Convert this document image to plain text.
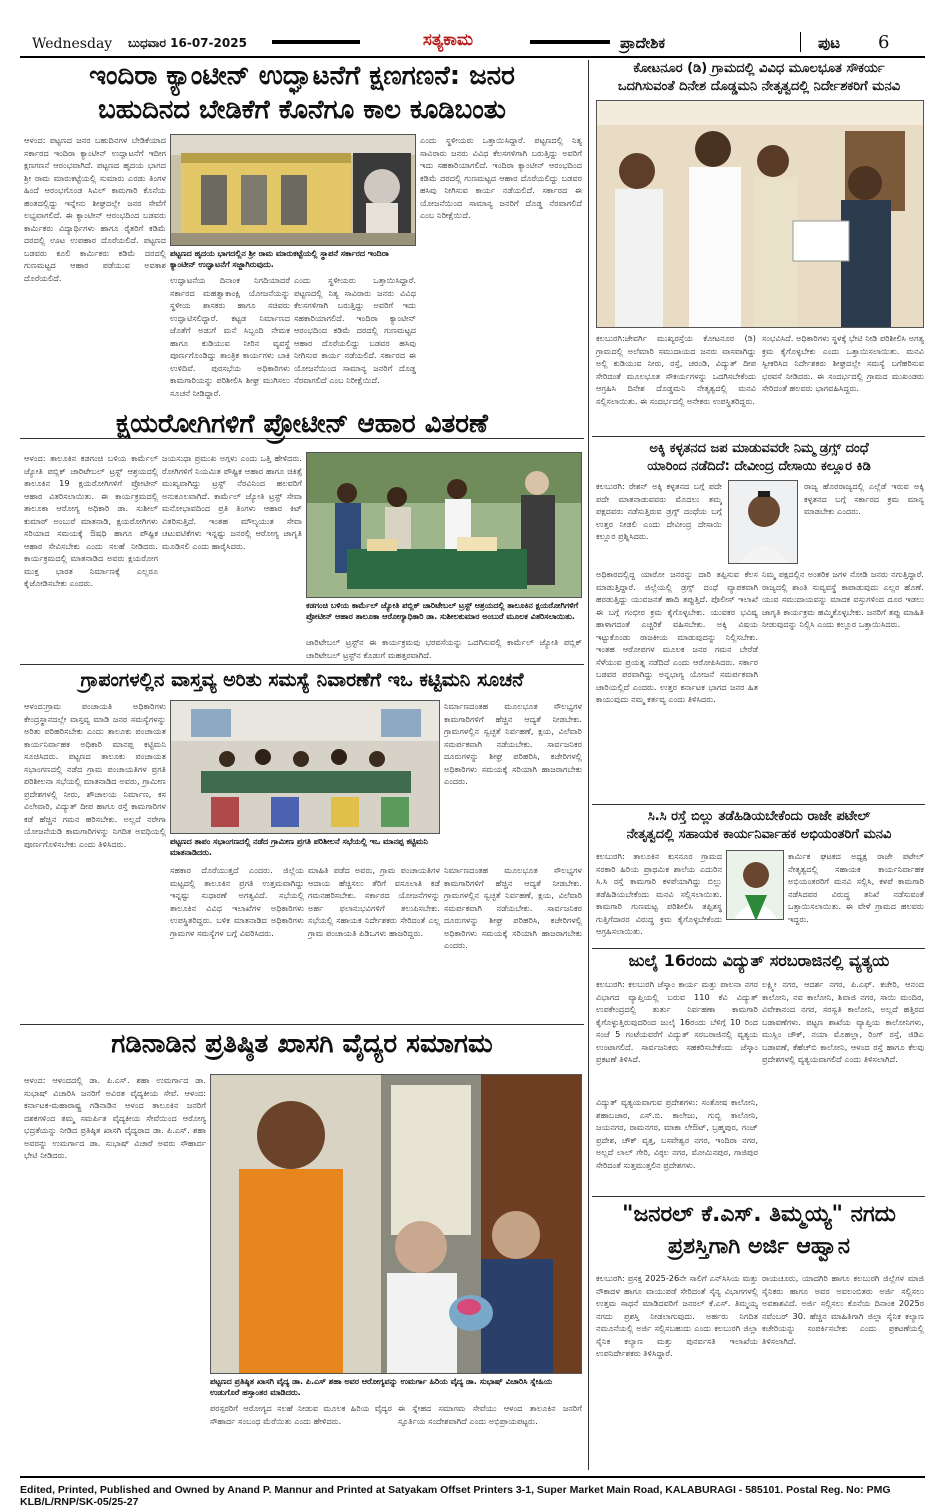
Wednesday ಬುಧವಾರ 16-07-2025	ಸತ್ಯಕಾಮ	ಪ್ರಾದೇಶಿಕ	ಪುಟ 6
ಇಂದಿರಾ ಕ್ಯಾಂಟೀನ್ ಉದ್ಘಾಟನೆಗೆ ಕ್ಷಣಗಣನೆ: ಜನರ
ಬಹುದಿನದ ಬೇಡಿಕೆಗೆ ಕೊನೆಗೂ ಕಾಲ ಕೂಡಿಬಂತು
ಆಳಂದ: ಪಟ್ಟಣದ ಜನರ ಬಹುದಿನಗಳ ಬೇಡಿಕೆಯಾದ ಸರ್ಕಾರದ ಇಂದಿರಾ ಕ್ಯಾಂಟೀನ್ ಉದ್ಘಾಟನೆಗೆ ಇದೀಗ ಕ್ಷಣಗಣನೆ ಆರಂಭವಾಗಿದೆ. ಪಟ್ಟಣದ ಹೃದಯ ಭಾಗದ ಶ್ರೀ ರಾಮ ಮಾರುಕಟ್ಟೆಯಲ್ಲಿ ಸುಮಾರು ಎರಡು ತಿಂಗಳ ಹಿಂದೆ ಆರಂಭಗೊಂಡ ಸಿವಿಲ್ ಕಾಮಗಾರಿ ಕೊನೆಯ ಹಂತದಲ್ಲಿದ್ದು ಇನ್ನೇನು ಶೀಘ್ರದಲ್ಲೇ ಜನರ ಸೇವೆಗೆ ಲಭ್ಯವಾಗಲಿದೆ. ಈ ಕ್ಯಾಂಟೀನ್ ಆರಂಭದಿಂದ ಬಡವರು ಕಾರ್ಮಿಕರು ವಿದ್ಯಾರ್ಥಿಗಳು ಹಾಗೂ ರೈತರಿಗೆ ಕಡಿಮೆ ದರದಲ್ಲಿ ಊಟ ಉಪಹಾರ ದೊರೆಯಲಿದೆ. ಪಟ್ಟಣದ ಬಡವರು ಕೂಲಿ ಕಾರ್ಮಿಕರು ಕಡಿಮೆ ದರದಲ್ಲಿ ಗುಣಮಟ್ಟದ ಆಹಾರ ಪಡೆಯುವ ಅವಕಾಶ ದೊರೆಯಲಿದೆ.
ಪಟ್ಟಣದ ಹೃದಯ ಭಾಗದಲ್ಲಿನ ಶ್ರೀ ರಾಮ ಮಾರುಕಟ್ಟೆಯಲ್ಲಿ ಸ್ಥಾಪನೆ ಸರ್ಕಾರದ ಇಂದಿರಾ ಕ್ಯಾಂಟೀನ್ ಉದ್ಘಾಟನೆಗೆ ಸಜ್ಜಾಗಿರುವುದು.
ಉದ್ಘಾಟನೆಯ ದಿನಾಂಕ ನಿಗದಿಯಾದರೆ ಸರ್ಕಾರದ ಮಹತ್ವಾಕಾಂಕ್ಷಿ ಯೋಜನೆಯನ್ನು ಸ್ಥಳೀಯ ಶಾಸಕರು ಹಾಗೂ ಸಚಿವರು ಉದ್ಘಾಟಿಸಲಿದ್ದಾರೆ. ಕಟ್ಟಡ ನಿರ್ಮಾಣದ ಜೊತೆಗೆ ಅಡುಗೆ ಮನೆ ಸಿಬ್ಬಂದಿ ನೇಮಕ ಹಾಗೂ ಕುಡಿಯುವ ನೀರಿನ ವ್ಯವಸ್ಥೆ ಪೂರ್ಣಗೊಂಡಿದ್ದು ತಾಂತ್ರಿಕ ಕಾರ್ಯಗಳು ಬಾಕಿ ಉಳಿದಿವೆ. ಪುರಸಭೆಯ ಅಧಿಕಾರಿಗಳು ಕಾಮಗಾರಿಯನ್ನು ಪರಿಶೀಲಿಸಿ ಶೀಘ್ರ ಮುಗಿಸಲು ಸೂಚನೆ ನೀಡಿದ್ದಾರೆ.
ಎಂದು ಸ್ಥಳೀಯರು ಒತ್ತಾಯಿಸಿದ್ದಾರೆ. ಪಟ್ಟಣದಲ್ಲಿ ನಿತ್ಯ ಸಾವಿರಾರು ಜನರು ವಿವಿಧ ಕೆಲಸಗಳಿಗಾಗಿ ಬರುತ್ತಿದ್ದು ಅವರಿಗೆ ಇದು ಸಹಕಾರಿಯಾಗಲಿದೆ. ಇಂದಿರಾ ಕ್ಯಾಂಟೀನ್ ಆರಂಭದಿಂದ ಕಡಿಮೆ ದರದಲ್ಲಿ ಗುಣಮಟ್ಟದ ಆಹಾರ ದೊರೆಯಲಿದ್ದು ಬಡವರ ಹಸಿವು ನೀಗಿಸುವ ಕಾರ್ಯ ನಡೆಯಲಿದೆ. ಸರ್ಕಾರದ ಈ ಯೋಜನೆಯಿಂದ ಸಾಮಾನ್ಯ ಜನರಿಗೆ ದೊಡ್ಡ ನೆರವಾಗಲಿದೆ ಎಂಬ ನಿರೀಕ್ಷೆಯಿದೆ.
ಎಂದು ಸ್ಥಳೀಯರು ಒತ್ತಾಯಿಸಿದ್ದಾರೆ. ಪಟ್ಟಣದಲ್ಲಿ ನಿತ್ಯ ಸಾವಿರಾರು ಜನರು ವಿವಿಧ ಕೆಲಸಗಳಿಗಾಗಿ ಬರುತ್ತಿದ್ದು ಅವರಿಗೆ ಇದು ಸಹಕಾರಿಯಾಗಲಿದೆ. ಇಂದಿರಾ ಕ್ಯಾಂಟೀನ್ ಆರಂಭದಿಂದ ಕಡಿಮೆ ದರದಲ್ಲಿ ಗುಣಮಟ್ಟದ ಆಹಾರ ದೊರೆಯಲಿದ್ದು ಬಡವರ ಹಸಿವು ನೀಗಿಸುವ ಕಾರ್ಯ ನಡೆಯಲಿದೆ. ಸರ್ಕಾರದ ಈ ಯೋಜನೆಯಿಂದ ಸಾಮಾನ್ಯ ಜನರಿಗೆ ದೊಡ್ಡ ನೆರವಾಗಲಿದೆ ಎಂಬ ನಿರೀಕ್ಷೆಯಿದೆ.
ಕೋಟನೂರ (ಡಿ) ಗ್ರಾಮದಲ್ಲಿ ವಿವಿಧ ಮೂಲಭೂತ ಸೌಕರ್ಯ
ಒದಗಿಸುವಂತೆ ದಿನೇಶ ದೊಡ್ಡಮನಿ ನೇತೃತ್ವದಲ್ಲಿ ನಿರ್ದೇಶಕರಿಗೆ ಮನವಿ
ಕಲಬುರಗಿ:ಜೇವರ್ಗಿ ಮುಖ್ಯರಸ್ತೆಯ ಕೋಟನೂರ (ಡಿ) ಗ್ರಾಮದಲ್ಲಿ ಅಲೆಮಾರಿ ಸಮುದಾಯದ ಜನರು ವಾಸವಾಗಿದ್ದು ಅಲ್ಲಿ ಕುಡಿಯುವ ನೀರು, ರಸ್ತೆ, ಚರಂಡಿ, ವಿದ್ಯುತ್ ದೀಪ ಸೇರಿದಂತೆ ಮೂಲಭೂತ ಸೌಕರ್ಯಗಳನ್ನು ಒದಗಿಸಬೇಕೆಂದು ಆಗ್ರಹಿಸಿ ದಿನೇಶ ದೊಡ್ಡಮನಿ ನೇತೃತ್ವದಲ್ಲಿ ಮನವಿ ಸಲ್ಲಿಸಲಾಯಿತು. ಈ ಸಂದರ್ಭದಲ್ಲಿ ಅನೇಕರು ಉಪಸ್ಥಿತರಿದ್ದರು.
ಸಂಭವಿಸಿದೆ. ಅಧಿಕಾರಿಗಳು ಸ್ಥಳಕ್ಕೆ ಭೇಟಿ ನೀಡಿ ಪರಿಶೀಲಿಸಿ ಅಗತ್ಯ ಕ್ರಮ ಕೈಗೊಳ್ಳಬೇಕು ಎಂದು ಒತ್ತಾಯಿಸಲಾಯಿತು. ಮನವಿ ಸ್ವೀಕರಿಸಿದ ನಿರ್ದೇಶಕರು ಶೀಘ್ರದಲ್ಲೇ ಸಮಸ್ಯೆ ಬಗೆಹರಿಸುವ ಭರವಸೆ ನೀಡಿದರು. ಈ ಸಂದರ್ಭದಲ್ಲಿ ಗ್ರಾಮದ ಮುಖಂಡರು ಸೇರಿದಂತೆ ಹಲವರು ಭಾಗವಹಿಸಿದ್ದರು.
ಕ್ಷಯರೋಗಿಗಳಿಗೆ ಪ್ರೋಟೀನ್ ಆಹಾರ ವಿತರಣೆ
ಆಳಂದ: ತಾಲೂಕಿನ ಕಡಗಂಚಿ ಬಳಿಯ ಕಾರ್ಮೆಲ್ ಜ್ಯೋತಿ ಪಬ್ಲಿಕ್ ಚಾರಿಟೇಬಲ್ ಟ್ರಸ್ಟ್ ಆಶ್ರಯದಲ್ಲಿ ತಾಲೂಕಿನ 19 ಕ್ಷಯರೋಗಿಗಳಿಗೆ ಪ್ರೋಟೀನ್ ಆಹಾರ ವಿತರಿಸಲಾಯಿತು. ಈ ಕಾರ್ಯಕ್ರಮದಲ್ಲಿ ತಾಲೂಕಾ ಆರೋಗ್ಯ ಅಧಿಕಾರಿ ಡಾ. ಸುಶೀಲ್ ಕುಮಾರ್ ಅಂಬುರೆ ಮಾತನಾಡಿ, ಕ್ಷಯರೋಗಿಗಳು ಸರಿಯಾದ ಸಮಯಕ್ಕೆ ಔಷಧಿ ಹಾಗೂ ಪೌಷ್ಟಿಕ ಆಹಾರ ಸೇವಿಸಬೇಕು ಎಂದು ಸಲಹೆ ನೀಡಿದರು. ಕಾರ್ಯಕ್ರಮದಲ್ಲಿ ಮಾತನಾಡಿದ ಅವರು ಕ್ಷಯರೋಗ ಮುಕ್ತ ಭಾರತ ನಿರ್ಮಾಣಕ್ಕೆ ಎಲ್ಲರೂ ಕೈಜೋಡಿಸಬೇಕು ಎಂದರು.
ಜಯಸುಧಾ ಪ್ರಮುಖ ಅಗ್ಗಳು ಎಂದು ಒತ್ತಿ ಹೇಳಿದರು. ರೋಗಿಗಳಿಗೆ ನಿಯಮಿತ ಪೌಷ್ಟಿಕ ಆಹಾರ ಹಾಗೂ ಚಿಕಿತ್ಸೆ ಮುಖ್ಯವಾಗಿದ್ದು ಟ್ರಸ್ಟ್ ನೆರವಿನಿಂದ ಹಲವರಿಗೆ ಅನುಕೂಲವಾಗಿದೆ. ಕಾರ್ಮೆಲ್ ಜ್ಯೋತಿ ಟ್ರಸ್ಟ್ ಸೇವಾ ಮನೋಭಾವದಿಂದ ಪ್ರತಿ ತಿಂಗಳು ಆಹಾರ ಕಿಟ್ ವಿತರಿಸುತ್ತಿದೆ. ಇಂತಹ ಮೌಲ್ಯಯುತ ಸೇವಾ ಚಟುವಟಿಕೆಗಳು ಇನ್ನಷ್ಟು ಜನರಲ್ಲಿ ಆರೋಗ್ಯ ಜಾಗೃತಿ ಮೂಡಿಸಲಿ ಎಂದು ಹಾರೈಸಿದರು.
ಕಡಗಂಚಿ ಬಳಿಯ ಕಾರ್ಮೆಲ್ ಜ್ಯೋತಿ ಪಬ್ಲಿಕ್ ಚಾರಿಟೇಬಲ್ ಟ್ರಸ್ಟ್ ಆಶ್ರಯದಲ್ಲಿ ತಾಲೂಕಿನ ಕ್ಷಯರೋಗಿಗಳಿಗೆ ಪ್ರೋಟೀನ್ ಆಹಾರ ತಾಲೂಕಾ ಆರೋಗ್ಯಾಧಿಕಾರಿ ಡಾ. ಸುಶೀಲಕುಮಾರ ಅಂಬುರೆ ಮೂಲಕ ವಿತರಿಸಲಾಯಿತು.
ಜಾರಿಟೇಬಲ್ ಟ್ರಸ್ಟ್‌ನ ಈ ಕಾರ್ಯಕ್ರಮವು ಭರವಸೆಯನ್ನು ಒದಗಿಸುವಲ್ಲಿ ಕಾರ್ಮೆಲ್ ಜ್ಯೋತಿ ಪಬ್ಲಿಕ್ ಚಾರಿಟೇಬಲ್ ಟ್ರಸ್ಟ್‌ನ ಕೊಡುಗೆ ಮಹತ್ತರವಾಗಿದೆ.
ಅಕ್ಕಿ ಕಳ್ಳತನದ ಜಪ ಮಾಡುವವರೇ ನಿಮ್ಮ ಡ್ರಗ್ಸ್ ದಂಧೆ
ಯಾರಿಂದ ನಡೆದಿದೆ: ದೇವೀಂದ್ರ ದೇಸಾಯಿ ಕಲ್ಲೂರ ಕಿಡಿ
ಕಲಬುರಗಿ: ರೇಶನ್ ಅಕ್ಕಿ ಕಳ್ಳತನದ ಬಗ್ಗೆ ಪದೇ ಪದೇ ಮಾತನಾಡುವವರು ಮೊದಲು ತಮ್ಮ ಪಕ್ಷದವರು ನಡೆಸುತ್ತಿರುವ ಡ್ರಗ್ಸ್ ದಂಧೆಯ ಬಗ್ಗೆ ಉತ್ತರ ನೀಡಲಿ ಎಂದು ದೇವೀಂದ್ರ ದೇಸಾಯಿ ಕಲ್ಲೂರ ಪ್ರಶ್ನಿಸಿದರು.
ರಾಜ್ಯ ಹೊರರಾಜ್ಯದಲ್ಲಿ ಎಲ್ಲೆಡೆ ಇರುವ ಅಕ್ಕಿ ಕಳ್ಳತನದ ಬಗ್ಗೆ ಸರ್ಕಾರದ ಕ್ರಮ ಮಾನ್ಯ ಮಾಡಬೇಕು ಎಂದರು.
ಅಧಿಕಾರದಲ್ಲಿದ್ದ ಯಾರೋ ಜನರನ್ನು ದಾರಿ ತಪ್ಪಿಸುವ ಕೆಲಸ ಮಾಡುತ್ತಿದ್ದಾರೆ. ಜಿಲ್ಲೆಯಲ್ಲಿ ಡ್ರಗ್ಸ್ ದಂಧೆ ವ್ಯಾಪಕವಾಗಿ ಹರಡುತ್ತಿದ್ದು ಯುವಜನತೆ ಹಾದಿ ತಪ್ಪುತ್ತಿದೆ. ಪೊಲೀಸ್ ಇಲಾಖೆ ಈ ಬಗ್ಗೆ ಗಂಭೀರ ಕ್ರಮ ಕೈಗೊಳ್ಳಬೇಕು. ಯುವಕರ ಭವಿಷ್ಯ ಹಾಳಾಗದಂತೆ ಎಚ್ಚರಿಕೆ ವಹಿಸಬೇಕು. ಅಕ್ಕಿ ವಿಷಯ ಇಟ್ಟುಕೊಂಡು ರಾಜಕೀಯ ಮಾಡುವುದನ್ನು ನಿಲ್ಲಿಸಬೇಕು. ಇಂತಹ ಆರೋಪಗಳ ಮೂಲಕ ಜನರ ಗಮನ ಬೇರೆಡೆ ಸೆಳೆಯುವ ಪ್ರಯತ್ನ ನಡೆದಿದೆ ಎಂದು ಆರೋಪಿಸಿದರು. ಸರ್ಕಾರ ಬಡವರ ಪರವಾಗಿದ್ದು ಅನ್ನಭಾಗ್ಯ ಯೋಜನೆ ಸಮರ್ಪಕವಾಗಿ ಜಾರಿಯಲ್ಲಿದೆ ಎಂದರು. ಉತ್ತರ ಕರ್ನಾಟಕ ಭಾಗದ ಜನರ ಹಿತ ಕಾಯುವುದು ನಮ್ಮ ಕರ್ತವ್ಯ ಎಂದು ತಿಳಿಸಿದರು.
ನಿಮ್ಮ ಪಕ್ಷದಲ್ಲಿನ ಅಂತರಿಕ ಜಗಳ ನೋಡಿ ಜನರು ನಗುತ್ತಿದ್ದಾರೆ. ರಾಜ್ಯದಲ್ಲಿ ಶಾಂತಿ ಸುವ್ಯವಸ್ಥೆ ಕಾಪಾಡುವುದು ಎಲ್ಲರ ಹೊಣೆ. ಯುವ ಸಮುದಾಯವನ್ನು ಮಾದಕ ವಸ್ತುಗಳಿಂದ ದೂರ ಇಡಲು ಜಾಗೃತಿ ಕಾರ್ಯಕ್ರಮ ಹಮ್ಮಿಕೊಳ್ಳಬೇಕು. ಜನರಿಗೆ ತಪ್ಪು ಮಾಹಿತಿ ನೀಡುವುದನ್ನು ನಿಲ್ಲಿಸಿ ಎಂದು ಕಲ್ಲೂರ ಒತ್ತಾಯಿಸಿದರು.
ಗ್ರಾಪಂಗಳಲ್ಲಿನ ವಾಸ್ತವ್ಯ ಅರಿತು ಸಮಸ್ಯೆ ನಿವಾರಣೆಗೆ ಇಒ ಕಟ್ಟಿಮನಿ ಸೂಚನೆ
ಆಳಂದ:ಗ್ರಾಮ ಪಂಚಾಯತಿ ಅಧಿಕಾರಿಗಳು ಕೇಂದ್ರಸ್ಥಾನದಲ್ಲೇ ವಾಸ್ತವ್ಯ ಮಾಡಿ ಜನರ ಸಮಸ್ಯೆಗಳನ್ನು ಅರಿತು ಪರಿಹರಿಸಬೇಕು ಎಂದು ತಾಲೂಕು ಪಂಚಾಯತ ಕಾರ್ಯನಿರ್ವಾಹಕ ಅಧಿಕಾರಿ ಮಾನಪ್ಪ ಕಟ್ಟಿಮನಿ ಸೂಚಿಸಿದರು. ಪಟ್ಟಣದ ತಾಲೂಕು ಪಂಚಾಯತ ಸಭಾಂಗಣದಲ್ಲಿ ನಡೆದ ಗ್ರಾಮ ಪಂಚಾಯತಿಗಳ ಪ್ರಗತಿ ಪರಿಶೀಲನಾ ಸಭೆಯಲ್ಲಿ ಮಾತನಾಡಿದ ಅವರು, ಗ್ರಾಮೀಣ ಪ್ರದೇಶಗಳಲ್ಲಿ ನೀರು, ಶೌಚಾಲಯ ನಿರ್ಮಾಣ, ಕಸ ವಿಲೇವಾರಿ, ವಿದ್ಯುತ್ ದೀಪ ಹಾಗೂ ರಸ್ತೆ ಕಾಮಗಾರಿಗಳ ಕಡೆ ಹೆಚ್ಚಿನ ಗಮನ ಹರಿಸಬೇಕು. ಅಲ್ಲದೆ ನರೇಗಾ ಯೋಜನೆಯಡಿ ಕಾಮಗಾರಿಗಳನ್ನು ನಿಗದಿತ ಅವಧಿಯಲ್ಲಿ ಪೂರ್ಣಗೊಳಿಸಬೇಕು ಎಂದು ತಿಳಿಸಿದರು.	ಪಟ್ಟಣದ ತಾಪಂ ಸಭಾಂಗಣದಲ್ಲಿ ನಡೆದ ಗ್ರಾಮೀಣ ಪ್ರಗತಿ ಪರಿಶೀಲನೆ ಸಭೆಯಲ್ಲಿ ಇಒ ಮಾನಪ್ಪ ಕಟ್ಟಿಮನಿ ಮಾತನಾಡಿದರು.
ನಿರ್ಮಾಣದಂತಹ ಮೂಲಭೂತ ಸೌಲಭ್ಯಗಳ ಕಾಮಗಾರಿಗಳಿಗೆ ಹೆಚ್ಚಿನ ಆದ್ಯತೆ ನೀಡಬೇಕು. ಗ್ರಾಮಗಳಲ್ಲಿನ ಸ್ವಚ್ಛತೆ ನಿರ್ವಹಣೆ, ಕ್ಷಯ, ವಿಲೆವಾರಿ ಸಮರ್ಪಕವಾಗಿ ನಡೆಯಬೇಕು. ಸಾರ್ವಜನಿಕರ ದೂರುಗಳನ್ನು ಶೀಘ್ರ ಪರಿಹರಿಸಿ, ಕಚೇರಿಗಳಲ್ಲಿ ಅಧಿಕಾರಿಗಳು ಸಮಯಕ್ಕೆ ಸರಿಯಾಗಿ ಹಾಜರಾಗಬೇಕು ಎಂದರು.
ಸಹಕಾರ ದೊರೆಯುತ್ತದೆ ಎಂದರು. ಜಿಲ್ಲೆಯ ಮಟ್ಟದಲ್ಲಿ ತಾಲೂಕಿನ ಪ್ರಗತಿ ಉತ್ತಮವಾಗಿದ್ದು ಇನ್ನಷ್ಟು ಸುಧಾರಣೆ ಅಗತ್ಯವಿದೆ. ಸಭೆಯಲ್ಲಿ ತಾಲೂಕಿನ ವಿವಿಧ ಇಲಾಖೆಗಳ ಅಧಿಕಾರಿಗಳು ಉಪಸ್ಥಿತರಿದ್ದರು. ಬಳಿಕ ಮಾತನಾಡಿದ ಅಧಿಕಾರಿಗಳು ಗ್ರಾಮಗಳ ಸಮಸ್ಯೆಗಳ ಬಗ್ಗೆ ವಿವರಿಸಿದರು.
ಮಾಹಿತಿ ಪಡೆದ ಅವರು, ಗ್ರಾಮ ಪಂಚಾಯತಿಗಳ ಆದಾಯ ಹೆಚ್ಚಿಸಲು ತೆರಿಗೆ ವಸೂಲಾತಿ ಕಡೆ ಗಮನಹರಿಸಬೇಕು. ಸರ್ಕಾರದ ಯೋಜನೆಗಳನ್ನು ಅರ್ಹ ಫಲಾನುಭವಿಗಳಿಗೆ ತಲುಪಿಸಬೇಕು. ಸಭೆಯಲ್ಲಿ ಸಹಾಯಕ ನಿರ್ದೇಶಕರು ಸೇರಿದಂತೆ ಎಲ್ಲ ಗ್ರಾಮ ಪಂಚಾಯತಿ ಪಿಡಿಒಗಳು ಹಾಜರಿದ್ದರು.
ನಿರ್ಮಾಣದಂತಹ ಮೂಲಭೂತ ಸೌಲಭ್ಯಗಳ ಕಾಮಗಾರಿಗಳಿಗೆ ಹೆಚ್ಚಿನ ಆದ್ಯತೆ ನೀಡಬೇಕು. ಗ್ರಾಮಗಳಲ್ಲಿನ ಸ್ವಚ್ಛತೆ ನಿರ್ವಹಣೆ, ಕ್ಷಯ, ವಿಲೆವಾರಿ ಸಮರ್ಪಕವಾಗಿ ನಡೆಯಬೇಕು. ಸಾರ್ವಜನಿಕರ ದೂರುಗಳನ್ನು ಶೀಘ್ರ ಪರಿಹರಿಸಿ, ಕಚೇರಿಗಳಲ್ಲಿ ಅಧಿಕಾರಿಗಳು ಸಮಯಕ್ಕೆ ಸರಿಯಾಗಿ ಹಾಜರಾಗಬೇಕು ಎಂದರು.
ಸಿ.ಸಿ ರಸ್ತೆ ಬಿಲ್ಲು ತಡೆಹಿಡಿಯಬೇಕೆಂದು ರಾಜೇ ಪಟೇಲ್
ನೇತೃತ್ವದಲ್ಲಿ ಸಹಾಯಕ ಕಾರ್ಯನಿರ್ವಾಹಕ ಅಭಿಯಂತರಿಗೆ ಮನವಿ
ಕಲಬುರಗಿ: ತಾಲೂಕಿನ ಕುಸನೂರ ಗ್ರಾಮದ ಸರಕಾರಿ ಹಿರಿಯ ಪ್ರಾಥಮಿಕ ಶಾಲೆಯ ಎದುರಿನ ಸಿ.ಸಿ ರಸ್ತೆ ಕಾಮಗಾರಿ ಕಳಪೆಯಾಗಿದ್ದು ಬಿಲ್ಲು ತಡೆಹಿಡಿಯಬೇಕೆಂದು ಮನವಿ ಸಲ್ಲಿಸಲಾಯಿತು. ಕಾಮಗಾರಿ ಗುಣಮಟ್ಟ ಪರಿಶೀಲಿಸಿ ತಪ್ಪಿತಸ್ಥ ಗುತ್ತಿಗೆದಾರರ ವಿರುದ್ಧ ಕ್ರಮ ಕೈಗೊಳ್ಳಬೇಕೆಂದು ಆಗ್ರಹಿಸಲಾಯಿತು.
ಕಾರ್ಮಿಕ ಘಟಕದ ಅಧ್ಯಕ್ಷ ರಾಜೇ ಪಟೇಲ್ ನೇತೃತ್ವದಲ್ಲಿ ಸಹಾಯಕ ಕಾರ್ಯನಿರ್ವಾಹಕ ಅಭಿಯಂತರರಿಗೆ ಮನವಿ ಸಲ್ಲಿಸಿ, ಕಳಪೆ ಕಾಮಗಾರಿ ನಡೆಸಿದವರ ವಿರುದ್ಧ ತನಿಖೆ ನಡೆಸುವಂತೆ ಒತ್ತಾಯಿಸಲಾಯಿತು. ಈ ವೇಳೆ ಗ್ರಾಮದ ಹಲವರು ಇದ್ದರು.
ಜುಲೈ 16ರಂದು ವಿದ್ಯುತ್ ಸರಬರಾಜಿನಲ್ಲಿ ವ್ಯತ್ಯಯ
ಕಲಬುರಗಿ: ಕಲಬುರಗಿ ಜೆಸ್ಕಾಂ ಕಾರ್ಯ ಮತ್ತು ಪಾಲನಾ ನಗರ ವಿಭಾಗದ ವ್ಯಾಪ್ತಿಯಲ್ಲಿ ಬರುವ 110 ಕೆವಿ ವಿದ್ಯುತ್ ಉಪಕೇಂದ್ರದಲ್ಲಿ ತುರ್ತು ನಿರ್ವಹಣಾ ಕಾಮಗಾರಿ ಕೈಗೊಳ್ಳುತ್ತಿರುವುದರಿಂದ ಜುಲೈ 16ರಂದು ಬೆಳಿಗ್ಗೆ 10 ರಿಂದ ಸಂಜೆ 5 ಗಂಟೆಯವರೆಗೆ ವಿದ್ಯುತ್ ಸರಬರಾಜಿನಲ್ಲಿ ವ್ಯತ್ಯಯ ಉಂಟಾಗಲಿದೆ. ಸಾರ್ವಜನಿಕರು ಸಹಕರಿಸಬೇಕೆಂದು ಜೆಸ್ಕಾಂ ಪ್ರಕಟಣೆ ತಿಳಿಸಿದೆ.
ಲಕ್ಷ್ಮೀ ನಗರ, ಆದರ್ಶ ನಗರ, ಪಿ.ಎಫ್. ಕಚೇರಿ, ಆನಂದ ಕಾಲೋನಿ, ನವ ಕಾಲೋನಿ, ಶಿವಾಜಿ ನಗರ, ಸಾಯಿ ಮಂದಿರ, ವಿವೇಕಾನಂದ ನಗರ, ಸರಸ್ವತಿ ಕಾಲೋನಿ, ಅಲ್ಲದೆ ಹತ್ತಿರದ ಬಡಾವಣೆಗಳು. ಪಟ್ಟಣ ಶಾಖೆಯ ವ್ಯಾಪ್ತಿಯ ಕಾಲೋನಿಗಳು, ಮುಸ್ಲಿಂ ಚೌಕ್, ನಯಾ ಮೊಹಲ್ಲಾ, ರಿಂಗ್ ರಸ್ತೆ, ಜಿಡಿಎ ಬಡಾವಣೆ, ಕೆಹೆಚ್‌ಬಿ ಕಾಲೋನಿ, ಆಳಂದ ರಸ್ತೆ ಹಾಗೂ ಕೆಲವು ಪ್ರದೇಶಗಳಲ್ಲಿ ವ್ಯತ್ಯಯವಾಗಲಿದೆ ಎಂದು ತಿಳಿಸಲಾಗಿದೆ.
ವಿದ್ಯುತ್ ವ್ಯತ್ಯಯವಾಗುವ ಪ್ರದೇಶಗಳು: ಸಂತೋಷ ಕಾಲೋನಿ, ಶಹಾಬಜಾರ, ಎಸ್.ಬಿ. ಕಾಲೇಜು, ಗುಬ್ಬಿ ಕಾಲೋನಿ, ಜಯನಗರ, ರಾಮನಗರ, ಮಾಕಾ ಲೇಔಟ್, ಬ್ರಹ್ಮಪುರ, ಗಂಜ್ ಪ್ರದೇಶ, ಚೌಕ್ ವೃತ್ತ, ಬಸವೇಶ್ವರ ನಗರ, ಇಂದಿರಾ ನಗರ, ಅಲ್ಲದೆ ಲಾಲ್ ಗೇರಿ, ವಿಠ್ಠಲ ನಗರ, ಮೋಮಿನಪುರ, ಗಾಜಿಪುರ ಸೇರಿದಂತೆ ಸುತ್ತಮುತ್ತಲಿನ ಪ್ರದೇಶಗಳು.
ಗಡಿನಾಡಿನ ಪ್ರತಿಷ್ಠಿತ ಖಾಸಗಿ ವೈದ್ಯರ ಸಮಾಗಮ
ಆಳಂದ: ಆಳಂದದಲ್ಲಿ ಡಾ. ಪಿ.ಎಸ್. ಶಹಾ ಉಮರ್ಗಾದ ಡಾ. ಸುಭಾಷ್ ವಿಚಾರಿಸಿ ಜನರಿಗೆ ಅವಿರತ ವೈದ್ಯಕೀಯ ಸೇವೆ. ಆಳಂದ: ಕರ್ನಾಟಕ-ಮಹಾರಾಷ್ಟ್ರ ಗಡಿನಾಡಿನ ಆಳಂದ ತಾಲೂಕಿನ ಜನರಿಗೆ ದಶಕಗಳಿಂದ ತಮ್ಮ ಸಮರ್ಪಿತ ವೈದ್ಯಕೀಯ ಸೇವೆಯಿಂದ ಆರೋಗ್ಯ ಭದ್ರತೆಯನ್ನು ನೀಡಿದ ಪ್ರತಿಷ್ಠಿತ ಖಾಸಗಿ ವೈದ್ಯರಾದ ಡಾ. ಪಿ.ಎಸ್. ಶಹಾ ಅವರನ್ನು ಉಮರ್ಗಾದ ಡಾ. ಸುಭಾಷ್ ವಿಚಾರೆ ಅವರು ಸೌಹಾರ್ದ ಭೇಟಿ ನೀಡಿದರು.
ಪಟ್ಟಣದ ಪ್ರತಿಷ್ಠಿತ ಖಾಸಗಿ ವೈದ್ಯ ಡಾ. ಪಿ.ಎಸ್ ಶಹಾ ಅವರ ಆರೋಗ್ಯವನ್ನು ಉಮರ್ಗಾ ಹಿರಿಯ ವೈದ್ಯ ಡಾ. ಸುಭಾಷ್ ವಿಚಾರಿಸಿ ಸ್ನೇಹಿಯ ಉಡುಗೊರೆ ಹಸ್ತಾಂತರ ಮಾಡಿದರು.
ಪರಸ್ಪರರಿಗೆ ಆರೋಗ್ಯದ ಸಲಹೆ ನೀಡುವ ಮೂಲಕ ಹಿರಿಯ ವೈದ್ಯರ ಸೌಹಾರ್ದ ಸಂಬಂಧ ಮೆರೆಯಿತು ಎಂದು ಹೇಳಿದರು.
ಈ ಸ್ನೇಹದ ಸಮಾಗಮ ಸೇವೆಯು ಆಳಂದ ತಾಲೂಕಿನ ಜನರಿಗೆ ಸ್ಫೂರ್ತಿಯ ಸಂದೇಶವಾಗಿದೆ ಎಂದು ಅಭಿಪ್ರಾಯಪಟ್ಟರು.
"ಜನರಲ್ ಕೆ.ಎಸ್. ತಿಮ್ಮಯ್ಯ" ನಗದು
ಪ್ರಶಸ್ತಿಗಾಗಿ ಅರ್ಜಿ ಆಹ್ವಾನ
ಕಲಬುರಗಿ: ಪ್ರಸಕ್ತ 2025-26ನೇ ಸಾಲಿಗೆ ಎನ್‌ಸಿಸಿಯ ಮತ್ತು ನೌಕಾದಳ ಹಾಗೂ ವಾಯುಪಡೆ ಸೇರಿದಂತೆ ಸೈನ್ಯ ವಿಭಾಗಗಳಲ್ಲಿ ಉತ್ತಮ ಸಾಧನೆ ಮಾಡಿದವರಿಗೆ ಜನರಲ್ ಕೆ.ಎಸ್. ತಿಮ್ಮಯ್ಯ ನಗದು ಪ್ರಶಸ್ತಿ ನೀಡಲಾಗುವುದು. ಅರ್ಹರು ನಿಗದಿತ ನಮೂನೆಯಲ್ಲಿ ಅರ್ಜಿ ಸಲ್ಲಿಸಬಹುದು ಎಂದು ಕಲಬುರಗಿ ಜಿಲ್ಲಾ ಸೈನಿಕ ಕಲ್ಯಾಣ ಮತ್ತು ಪುನರ್ವಸತಿ ಇಲಾಖೆಯ ಉಪನಿರ್ದೇಶಕರು ತಿಳಿಸಿದ್ದಾರೆ.
ರಾಯಚೂರು, ಯಾದಗಿರಿ ಹಾಗೂ ಕಲಬುರಗಿ ಜಿಲ್ಲೆಗಳ ಮಾಜಿ ಸೈನಿಕರು ಹಾಗೂ ಅವರ ಅವಲಂಬಿತರು ಅರ್ಜಿ ಸಲ್ಲಿಸಲು ಅವಕಾಶವಿದೆ. ಅರ್ಜಿ ಸಲ್ಲಿಸಲು ಕೊನೆಯ ದಿನಾಂಕ 2025ರ ನವೆಂಬರ್ 30. ಹೆಚ್ಚಿನ ಮಾಹಿತಿಗಾಗಿ ಜಿಲ್ಲಾ ಸೈನಿಕ ಕಲ್ಯಾಣ ಕಚೇರಿಯನ್ನು ಸಂಪರ್ಕಿಸಬೇಕು ಎಂದು ಪ್ರಕಟಣೆಯಲ್ಲಿ ತಿಳಿಸಲಾಗಿದೆ.
Edited, Printed, Published and Owned by Anand P. Mannur and Printed at Satyakam Offset Printers 3-1, Super Market Main Road, KALABURAGI - 585101. Postal Reg. No: PMG KLB/L/RNP/SK-05/25-27
